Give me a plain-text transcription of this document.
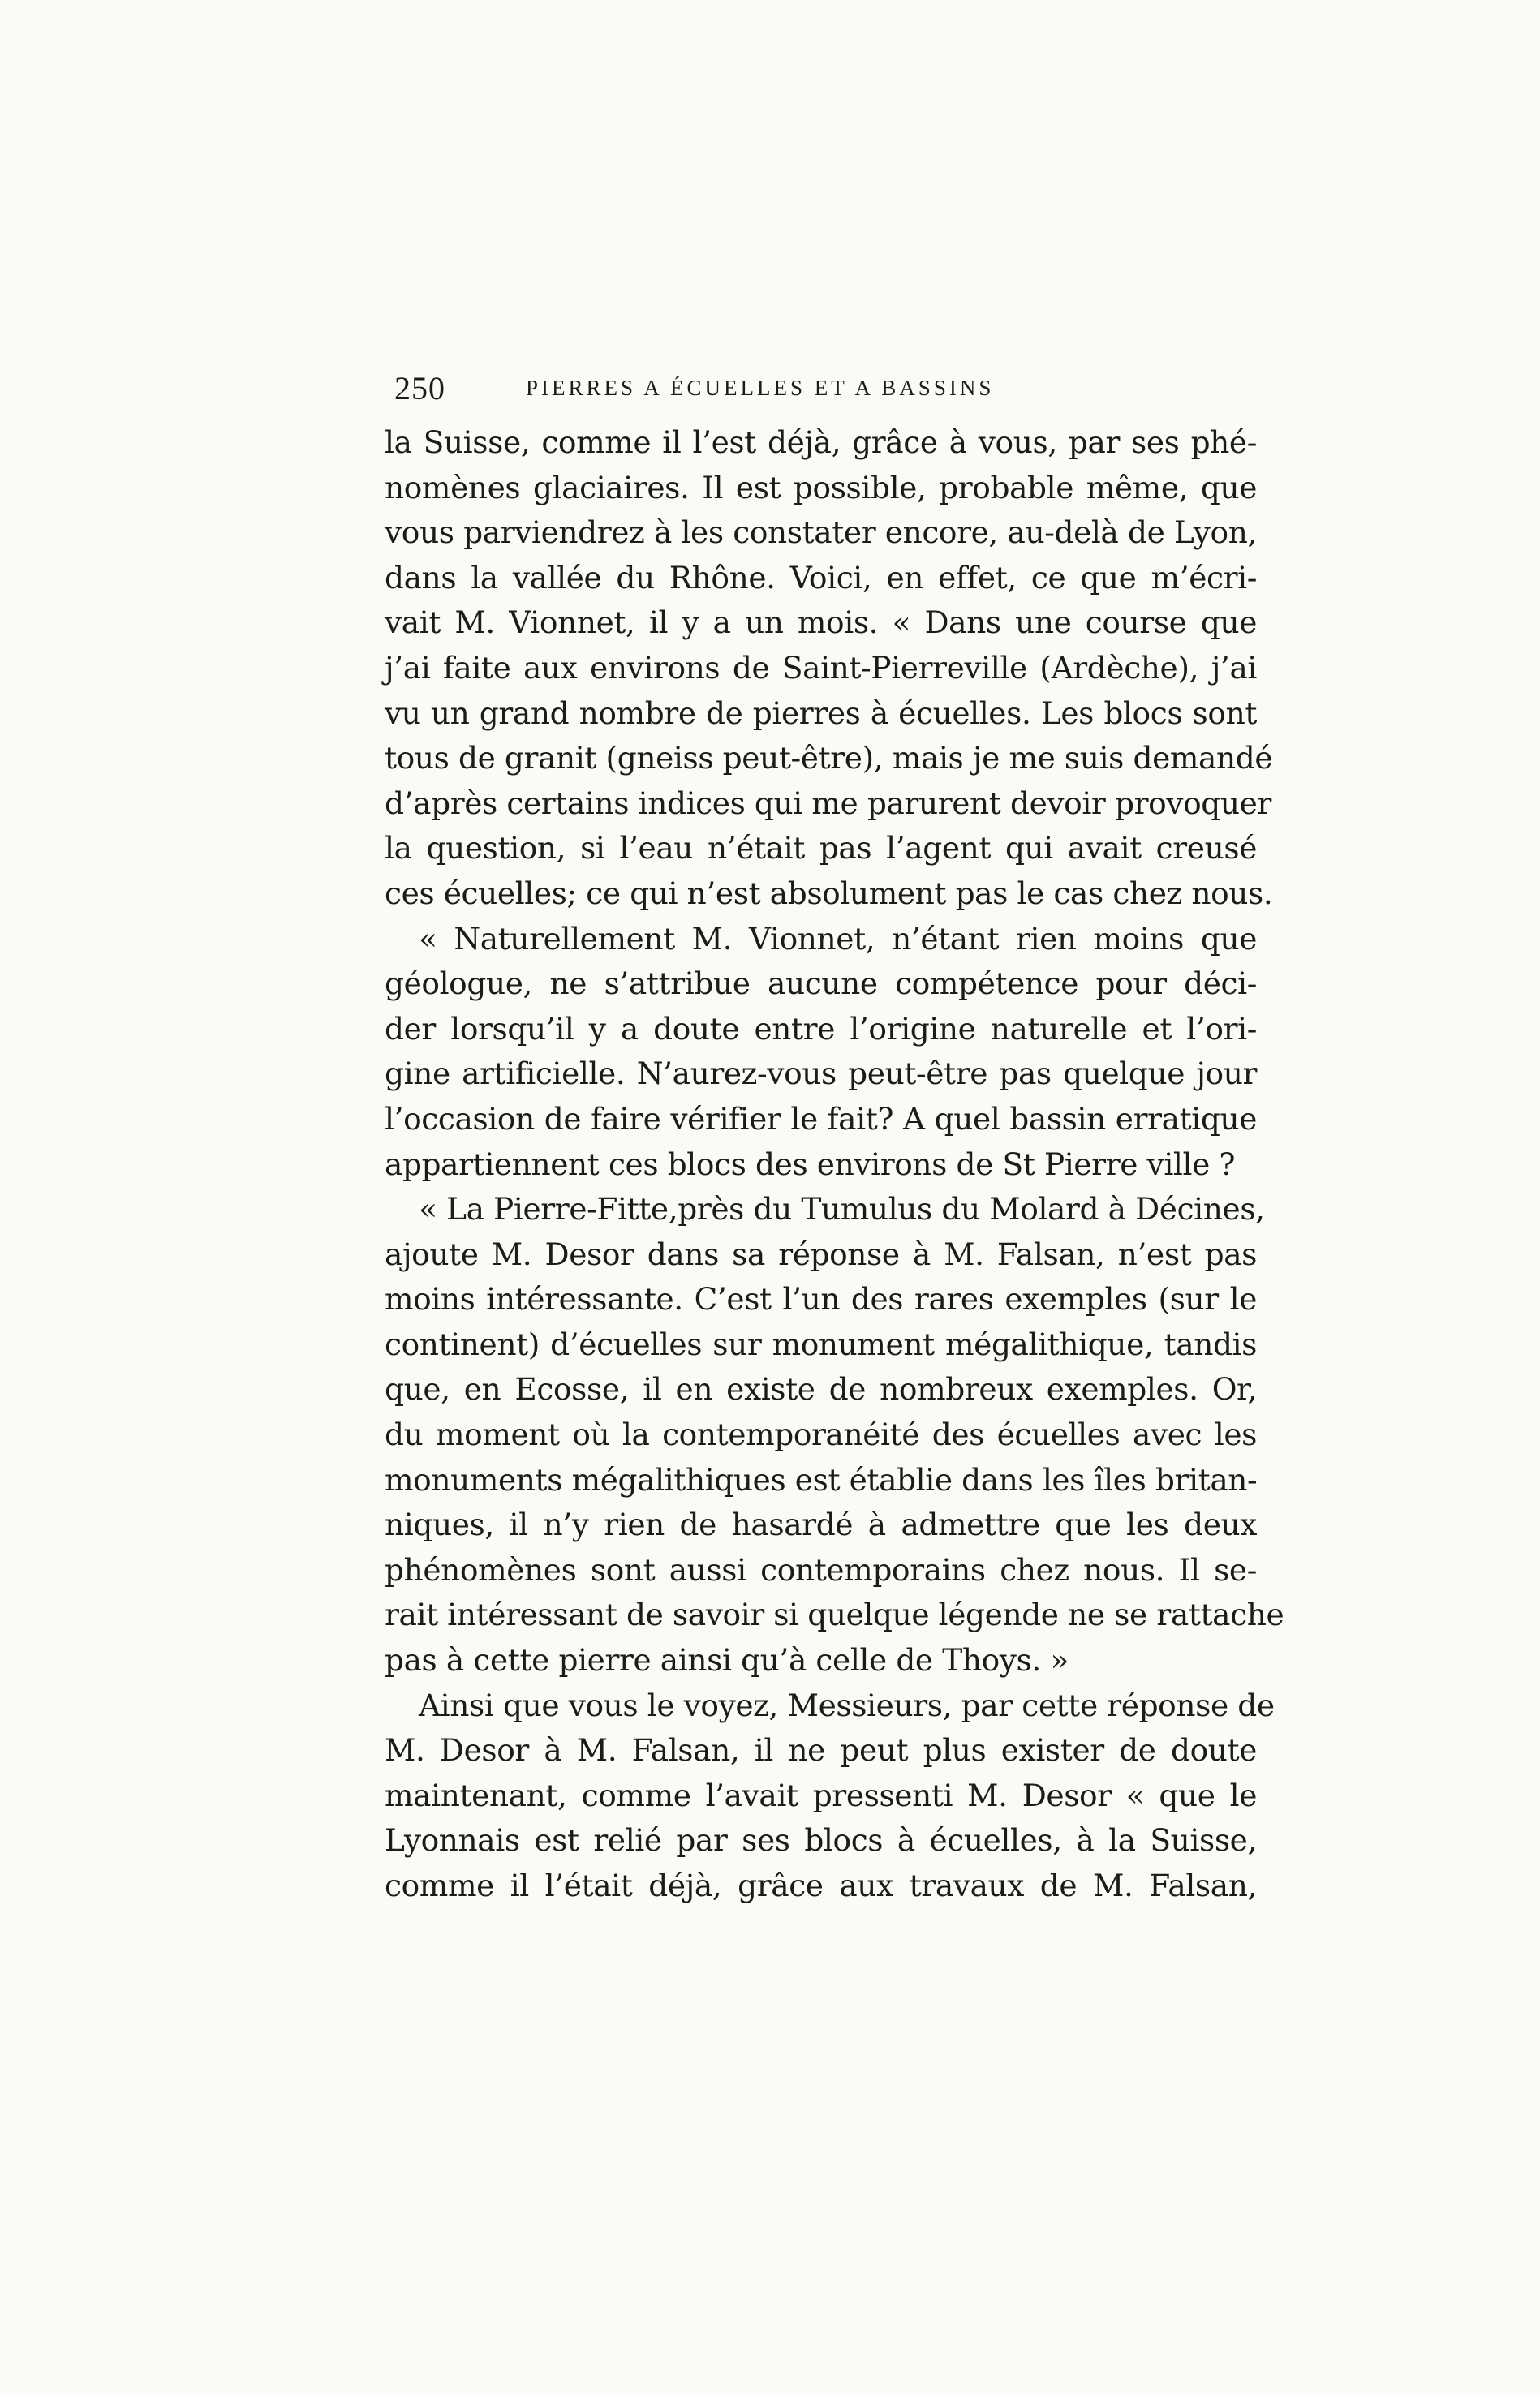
250	PIERRES A ÉCUELLES ET A BASSINS
la Suisse, comme il l’est déjà, grâce à vous, par ses phé-
nomènes glaciaires. Il est possible, probable même, que
vous parviendrez à les constater encore, au-delà de Lyon,
dans la vallée du Rhône. Voici, en effet, ce que m’écri-
vait M. Vionnet, il y a un mois. « Dans une course que
j’ai faite aux environs de Saint-Pierreville (Ardèche), j’ai
vu un grand nombre de pierres à écuelles. Les blocs sont
tous de granit (gneiss peut-être), mais je me suis demandé
d’après certains indices qui me parurent devoir provoquer
la question, si l’eau n’était pas l’agent qui avait creusé
ces écuelles; ce qui n’est absolument pas le cas chez nous.
« Naturellement M. Vionnet, n’étant rien moins que
géologue, ne s’attribue aucune compétence pour déci-
der lorsqu’il y a doute entre l’origine naturelle et l’ori-
gine artificielle. N’aurez-vous peut-être pas quelque jour
l’occasion de faire vérifier le fait? A quel bassin erratique
appartiennent ces blocs des environs de St Pierre ville ?
« La Pierre-Fitte,près du Tumulus du Molard à Décines,
ajoute M. Desor dans sa réponse à M. Falsan, n’est pas
moins intéressante. C’est l’un des rares exemples (sur le
continent) d’écuelles sur monument mégalithique, tandis
que, en Ecosse, il en existe de nombreux exemples. Or,
du moment où la contemporanéité des écuelles avec les
monuments mégalithiques est établie dans les îles britan-
niques, il n’y rien de hasardé à admettre que les deux
phénomènes sont aussi contemporains chez nous. Il se-
rait intéressant de savoir si quelque légende ne se rattache
pas à cette pierre ainsi qu’à celle de Thoys. »
Ainsi que vous le voyez, Messieurs, par cette réponse de
M. Desor à M. Falsan, il ne peut plus exister de doute
maintenant, comme l’avait pressenti M. Desor « que le
Lyonnais est relié par ses blocs à écuelles, à la Suisse,
comme il l’était déjà, grâce aux travaux de M. Falsan,
